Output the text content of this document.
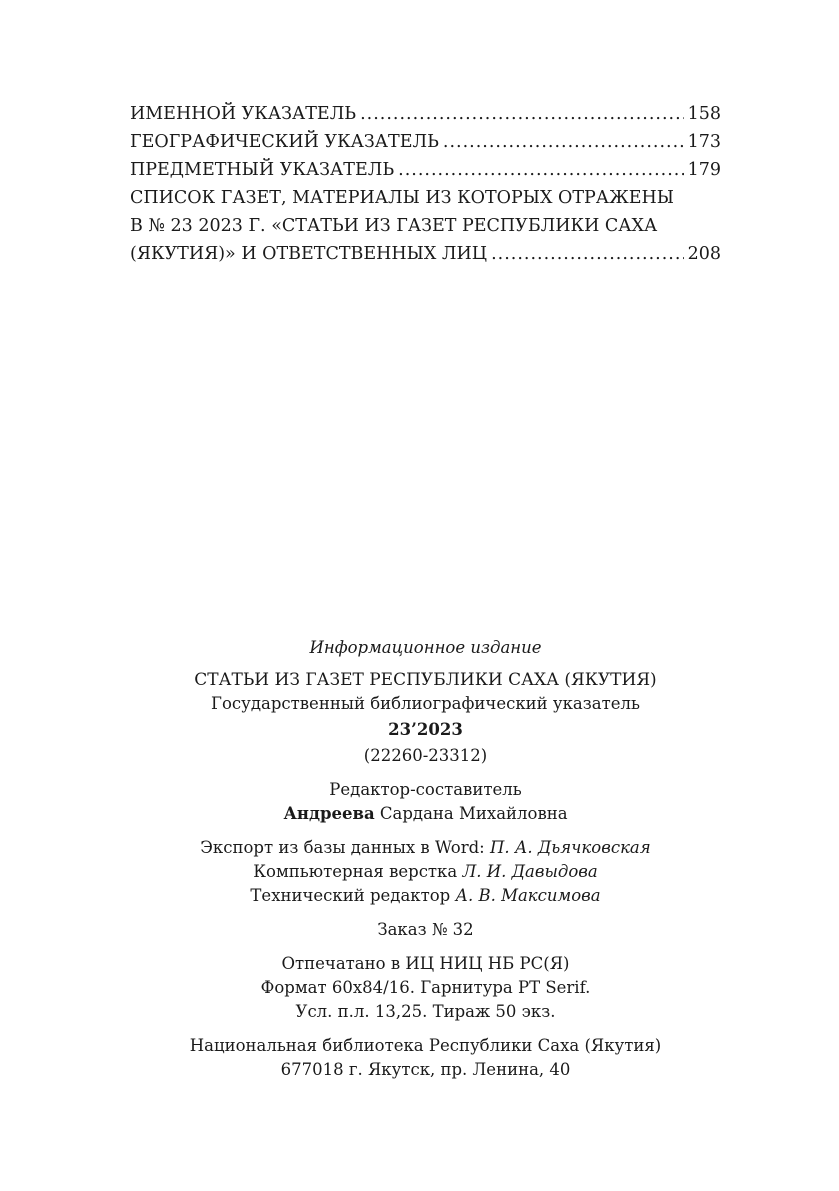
ИМЕННОЙ УКАЗАТЕЛЬ .....	158
ГЕОГРАФИЧЕСКИЙ УКАЗАТЕЛЬ .....	173
ПРЕДМЕТНЫЙ УКАЗАТЕЛЬ .....	179
СПИСОК ГАЗЕТ, МАТЕРИАЛЫ ИЗ КОТОРЫХ ОТРАЖЕНЫ
В № 23 2023 Г. «СТАТЬИ ИЗ ГАЗЕТ РЕСПУБЛИКИ САХА
(ЯКУТИЯ)» И ОТВЕТСТВЕННЫХ ЛИЦ .....	208
Информационное издание
СТАТЬИ ИЗ ГАЗЕТ РЕСПУБЛИКИ САХА (ЯКУТИЯ)
Государственный библиографический указатель
23’2023
(22260-23312)
Редактор-составитель
Андреева Сардана Михайловна
Экспорт из базы данных в Word: П. А. Дьячковская
Компьютерная верстка Л. И. Давыдова
Технический редактор А. В. Максимова
Заказ № 32
Отпечатано в ИЦ НИЦ НБ РС(Я)
Формат 60x84/16. Гарнитура PT Serif.
Усл. п.л. 13,25. Тираж 50 экз.
Национальная библиотека Республики Саха (Якутия)
677018 г. Якутск, пр. Ленина, 40
